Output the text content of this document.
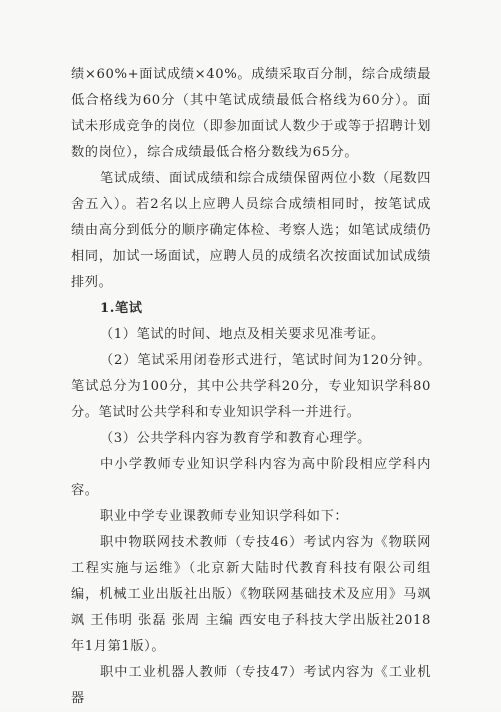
绩×60%+面试成绩×40%。成绩采取百分制，综合成绩最低合格线为60分（其中笔试成绩最低合格线为60分）。面试未形成竞争的岗位（即参加面试人数少于或等于招聘计划数的岗位），综合成绩最低合格分数线为65分。

笔试成绩、面试成绩和综合成绩保留两位小数（尾数四舍五入）。若2名以上应聘人员综合成绩相同时，按笔试成绩由高分到低分的顺序确定体检、考察人选；如笔试成绩仍相同，加试一场面试，应聘人员的成绩名次按面试加试成绩排列。

1.笔试

（1）笔试的时间、地点及相关要求见准考证。

（2）笔试采用闭卷形式进行，笔试时间为120分钟。笔试总分为100分，其中公共学科20分，专业知识学科80分。笔试时公共学科和专业知识学科一并进行。

（3）公共学科内容为教育学和教育心理学。

中小学教师专业知识学科内容为高中阶段相应学科内容。

职业中学专业课教师专业知识学科如下：

职中物联网技术教师（专技46）考试内容为《物联网工程实施与运维》（北京新大陆时代教育科技有限公司组编，机械工业出版社出版）《物联网基础技术及应用》马飒飒 王伟明 张磊 张周 主编 西安电子科技大学出版社2018年1月第1版）。

职中工业机器人教师（专技47）考试内容为《工业机器
